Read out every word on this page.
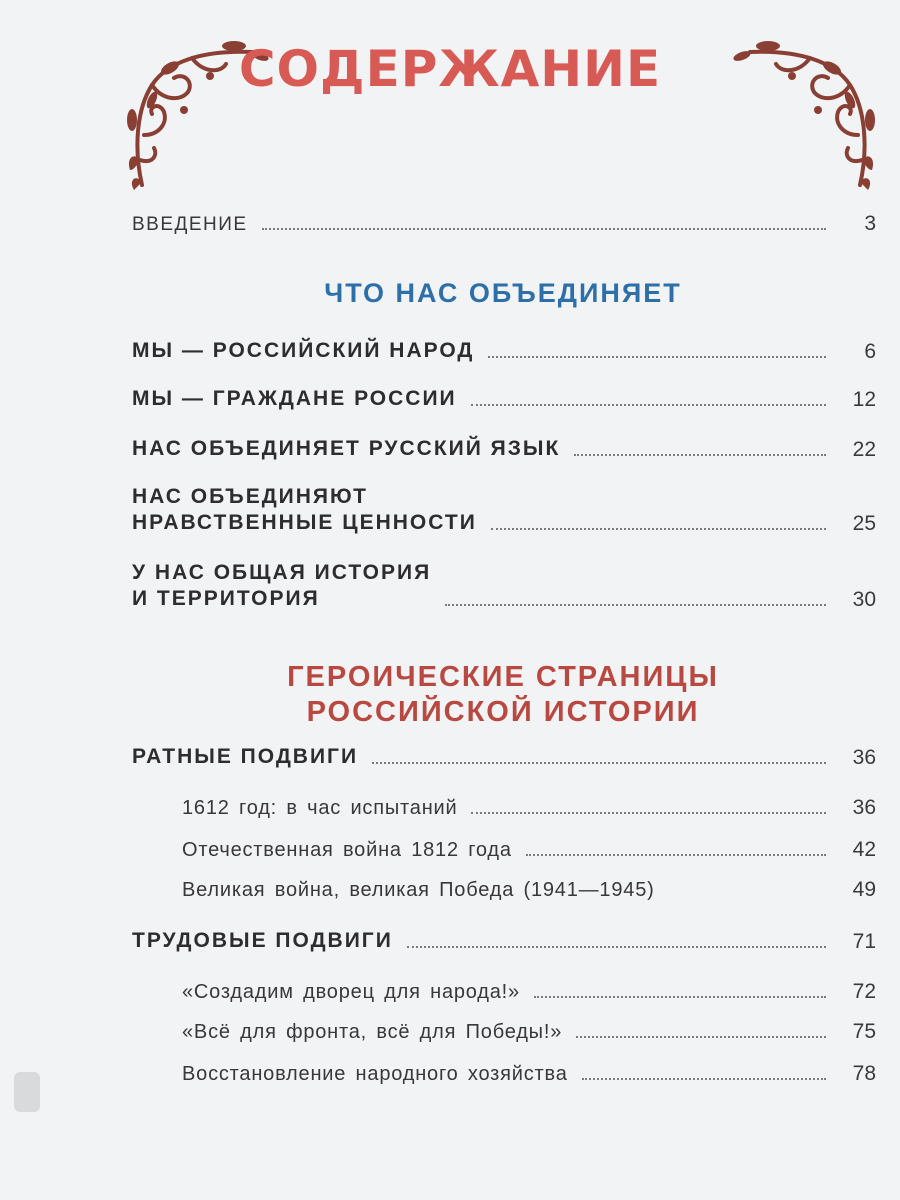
СОДЕРЖАНИЕ
ВВЕДЕНИЕ	3
ЧТО НАС ОБЪЕДИНЯЕТ
МЫ — РОССИЙСКИЙ НАРОД	6
МЫ — ГРАЖДАНЕ РОССИИ	12
НАС ОБЪЕДИНЯЕТ РУССКИЙ ЯЗЫК	22
НАС ОБЪЕДИНЯЮТ
НРАВСТВЕННЫЕ ЦЕННОСТИ	25
У НАС ОБЩАЯ ИСТОРИЯ
И ТЕРРИТОРИЯ	30
ГЕРОИЧЕСКИЕ СТРАНИЦЫ
РОССИЙСКОЙ ИСТОРИИ
РАТНЫЕ ПОДВИГИ	36
1612 год: в час испытаний	36
Отечественная война 1812 года	42
Великая война, великая Победа (1941—1945)	49
ТРУДОВЫЕ ПОДВИГИ	71
«Создадим дворец для народа!»	72
«Всё для фронта, всё для Победы!»	75
Восстановление народного хозяйства	78
